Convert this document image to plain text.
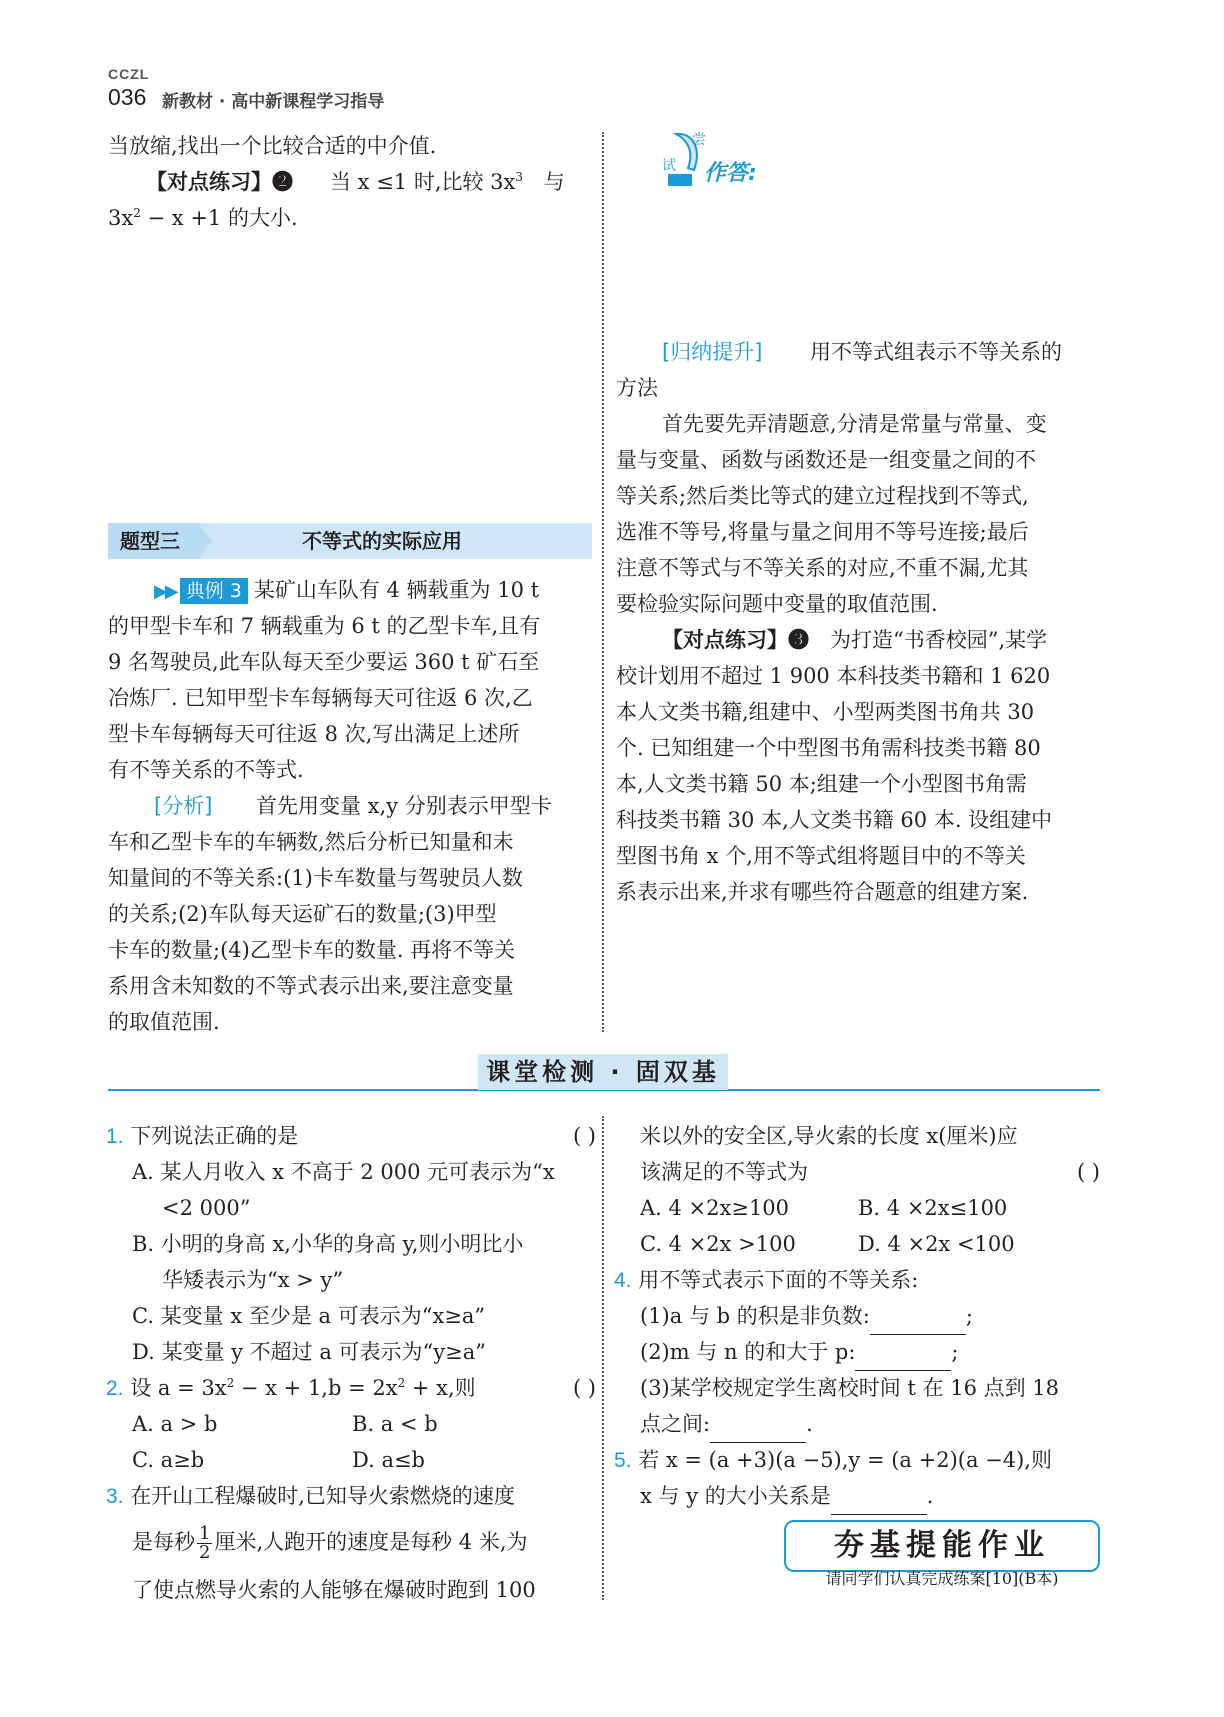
CCZL
036 新教材 · 高中新课程学习指导
当放缩,找出一个比较合适的中介值.
【对点练习】❷ 当 x ≤1 时,比较 $3x^3$ 与
$3x^2 - x +1$ 的大小.
题型三	不等式的实际应用
▶▶ 典例 3 某矿山车队有 4 辆载重为 10 t
的甲型卡车和 7 辆载重为 6 t 的乙型卡车,且有
9 名驾驶员,此车队每天至少要运 360 t 矿石至
冶炼厂. 已知甲型卡车每辆每天可往返 6 次,乙
型卡车每辆每天可往返 8 次,写出满足上述所
有不等关系的不等式.
[分析] 首先用变量 x,y 分别表示甲型卡
车和乙型卡车的车辆数,然后分析已知量和未
知量间的不等关系:(1)卡车数量与驾驶员人数
的关系;(2)车队每天运矿石的数量;(3)甲型
卡车的数量;(4)乙型卡车的数量. 再将不等关
系用含未知数的不等式表示出来,要注意变量
的取值范围.
尝
试 作答:
[归纳提升] 用不等式组表示不等关系的
方法
首先要先弄清题意,分清是常量与常量、变
量与变量、函数与函数还是一组变量之间的不
等关系;然后类比等式的建立过程找到不等式,
选准不等号,将量与量之间用不等号连接;最后
注意不等式与不等关系的对应,不重不漏,尤其
要检验实际问题中变量的取值范围.
【对点练习】❸ 为打造“书香校园”,某学
校计划用不超过 1 900 本科技类书籍和 1 620
本人文类书籍,组建中、小型两类图书角共 30
个. 已知组建一个中型图书角需科技类书籍 80
本,人文类书籍 50 本;组建一个小型图书角需
科技类书籍 30 本,人文类书籍 60 本. 设组建中
型图书角 x 个,用不等式组将题目中的不等关
系表示出来,并求有哪些符合题意的组建方案.
课堂检测 · 固双基
1. 下列说法正确的是	( )
A. 某人月收入 x 不高于 2 000 元可表示为“x
<2 000”
B. 小明的身高 x,小华的身高 y,则小明比小
华矮表示为“x > y”
C. 某变量 x 至少是 a 可表示为“x≥a”
D. 某变量 y 不超过 a 可表示为“y≥a”
2. 设 $a = 3x^2 - x + 1,b = 2x^2 + x$,则	( )
A. a > b	B. a < b
C. a≥b	D. a≤b
3. 在开山工程爆破时,已知导火索燃烧的速度
是每秒 $\frac{1}{2}$ 厘米,人跑开的速度是每秒 4 米,为
了使点燃导火索的人能够在爆破时跑到 100
米以外的安全区,导火索的长度 x(厘米)应
该满足的不等式为	( )
A. 4 ×2x≥100	B. 4 ×2x≤100
C. 4 ×2x >100	D. 4 ×2x <100
4. 用不等式表示下面的不等关系:
(1)a 与 b 的积是非负数:	;
(2)m 与 n 的和大于 p:	;
(3)某学校规定学生离校时间 t 在 16 点到 18
点之间:	.
5. 若 x = (a +3)(a −5),y = (a +2)(a −4),则
x 与 y 的大小关系是	.
夯基提能作业
请同学们认真完成练案[10](B本)
